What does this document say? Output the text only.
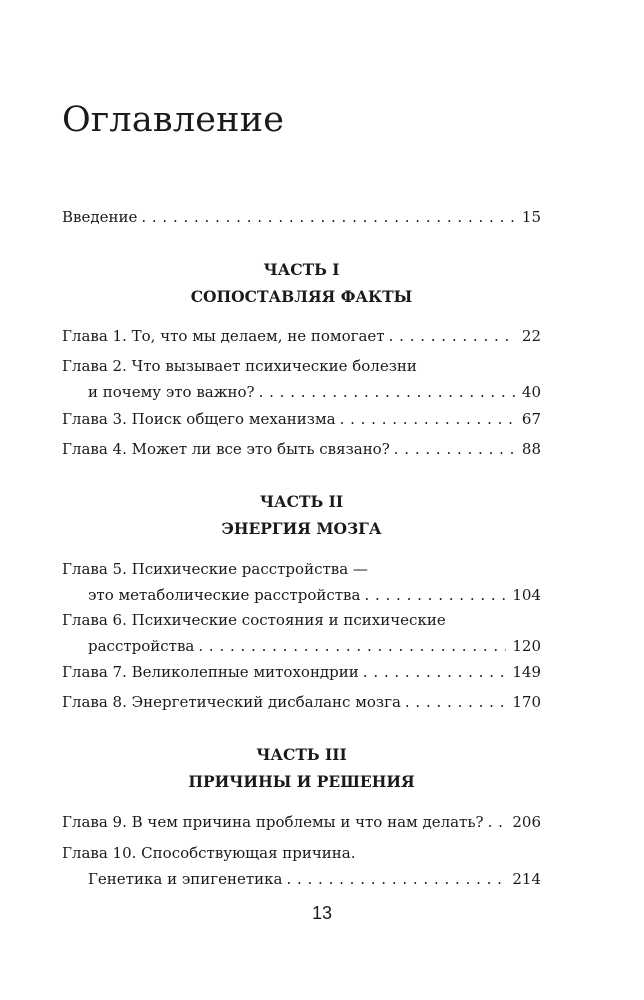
Оглавление
Введение . . .	15
Глава 1. То, что мы делаем, не помогает . . .	22
Глава 2. Что вызывает психические болезни
и почему это важно? . . .	40
Глава 3. Поиск общего механизма . . .	67
Глава 4. Может ли все это быть связано? . . .	88
Глава 5. Психические расстройства —
это метаболические расстройства . . .	104
Глава 6. Психические состояния и психические
расстройства . . .	120
Глава 7. Великолепные митохондрии . . .	149
Глава 8. Энергетический дисбаланс мозга . . .	170
Глава 9. В чем причина проблемы и что нам делать? . . . 206
Глава 10. Способствующая причина.
Генетика и эпигенетика . . .	214
ЧАСТЬ I
СОПОСТАВЛЯЯ ФАКТЫ
ЧАСТЬ II
ЭНЕРГИЯ МОЗГА
ЧАСТЬ III
ПРИЧИНЫ И РЕШЕНИЯ
13
